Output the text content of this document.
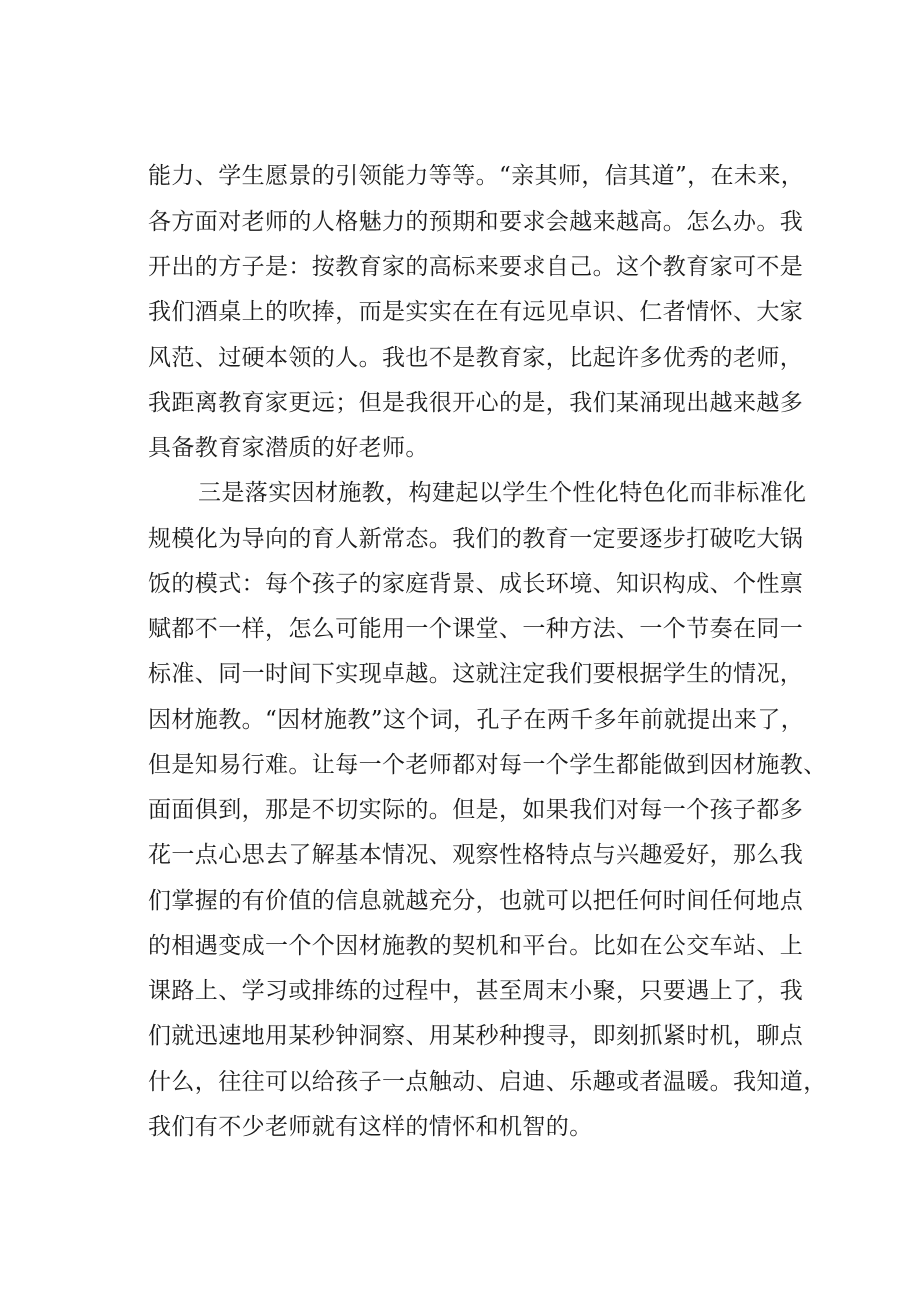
能力、学生愿景的引领能力等等。“亲其师，信其道”，在未来，
各方面对老师的人格魅力的预期和要求会越来越高。怎么办。我
开出的方子是：按教育家的高标来要求自己。这个教育家可不是
我们酒桌上的吹捧，而是实实在在有远见卓识、仁者情怀、大家
风范、过硬本领的人。我也不是教育家，比起许多优秀的老师，
我距离教育家更远；但是我很开心的是，我们某涌现出越来越多
具备教育家潜质的好老师。
三是落实因材施教，构建起以学生个性化特色化而非标准化
规模化为导向的育人新常态。我们的教育一定要逐步打破吃大锅
饭的模式：每个孩子的家庭背景、成长环境、知识构成、个性禀
赋都不一样，怎么可能用一个课堂、一种方法、一个节奏在同一
标准、同一时间下实现卓越。这就注定我们要根据学生的情况，
因材施教。“因材施教”这个词，孔子在两千多年前就提出来了，
但是知易行难。让每一个老师都对每一个学生都能做到因材施教、
面面俱到，那是不切实际的。但是，如果我们对每一个孩子都多
花一点心思去了解基本情况、观察性格特点与兴趣爱好，那么我
们掌握的有价值的信息就越充分，也就可以把任何时间任何地点
的相遇变成一个个因材施教的契机和平台。比如在公交车站、上
课路上、学习或排练的过程中，甚至周末小聚，只要遇上了，我
们就迅速地用某秒钟洞察、用某秒种搜寻，即刻抓紧时机，聊点
什么，往往可以给孩子一点触动、启迪、乐趣或者温暖。我知道，
我们有不少老师就有这样的情怀和机智的。
